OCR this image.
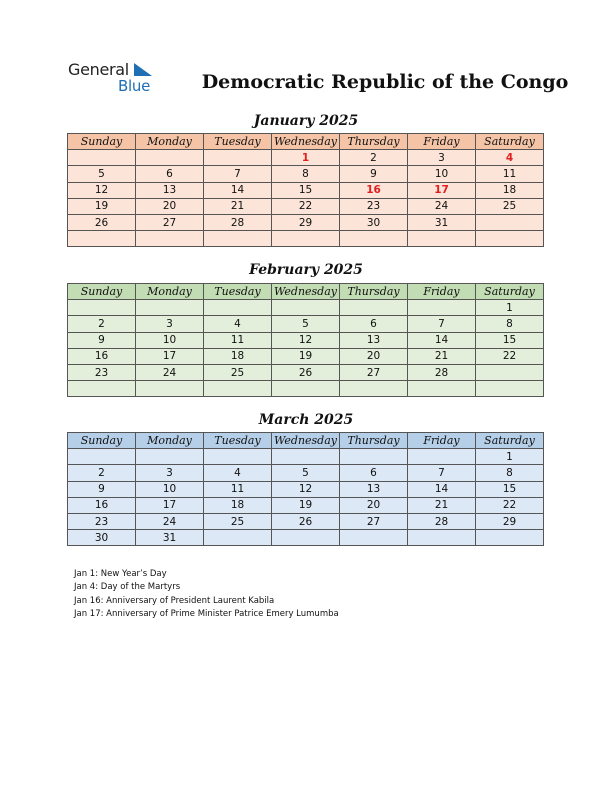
General
Blue	Democratic Republic of the Congo
January 2025
Sunday	Monday	Tuesday	Wednesday	Thursday	Friday	Saturday
			1	2	3	4
5	6	7	8	9	10	11
12	13	14	15	16	17	18
19	20	21	22	23	24	25
26	27	28	29	30	31	

February 2025
Sunday	Monday	Tuesday	Wednesday	Thursday	Friday	Saturday
						1
2	3	4	5	6	7	8
9	10	11	12	13	14	15
16	17	18	19	20	21	22
23	24	25	26	27	28	

March 2025
Sunday	Monday	Tuesday	Wednesday	Thursday	Friday	Saturday
						1
2	3	4	5	6	7	8
9	10	11	12	13	14	15
16	17	18	19	20	21	22
23	24	25	26	27	28	29
30	31					
Jan 1: New Year’s Day
Jan 4: Day of the Martyrs
Jan 16: Anniversary of President Laurent Kabila
Jan 17: Anniversary of Prime Minister Patrice Emery Lumumba
